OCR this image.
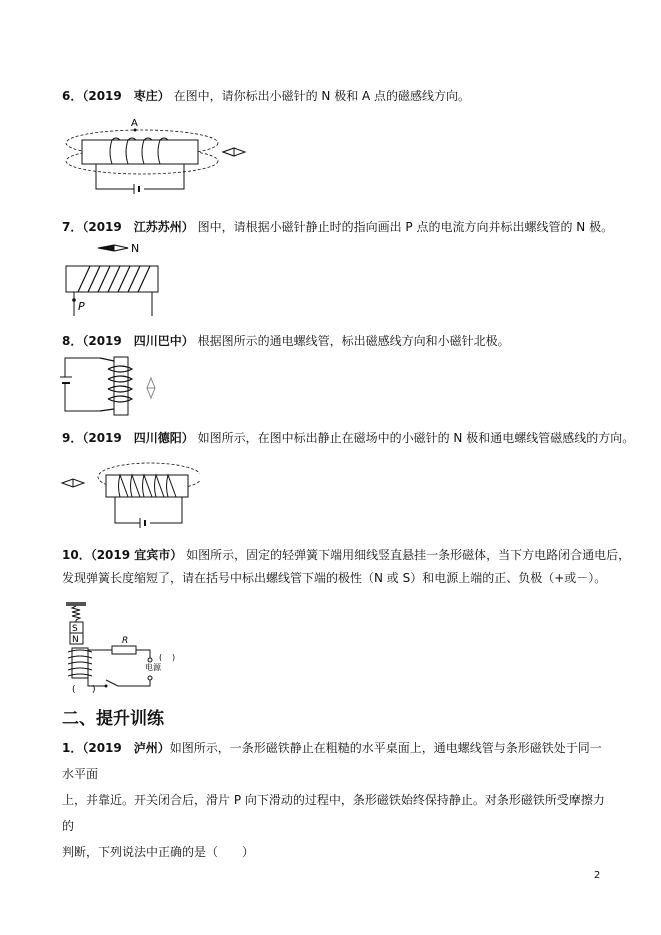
6．（2019　枣庄） 在图中，请你标出小磁针的 N 极和 A 点的磁感线方向。
A
7．（2019　江苏苏州） 图中，请根据小磁针静止时的指向画出 P 点的电流方向并标出螺线管的 N 极。
N
P
8．（2019　四川巴中） 根据图所示的通电螺线管，标出磁感线方向和小磁针北极。
9．（2019　四川德阳） 如图所示，在图中标出静止在磁场中的小磁针的 N 极和通电螺线管磁感线的方向。
10．（2019 宜宾市） 如图所示，固定的轻弹簧下端用细线竖直悬挂一条形磁体，当下方电路闭合通电后，
发现弹簧长度缩短了，请在括号中标出螺线管下端的极性（N 或 S）和电源上端的正、负极（+或－）。
S
N	R
电源
( )
( )
二、提升训练
1．（2019　泸州）如图所示，一条形磁铁静止在粗糙的水平桌面上，通电螺线管与条形磁铁处于同一水平面
上，并靠近。开关闭合后，滑片 P 向下滑动的过程中，条形磁铁始终保持静止。对条形磁铁所受摩擦力的
判断，下列说法中正确的是（　　）
2
